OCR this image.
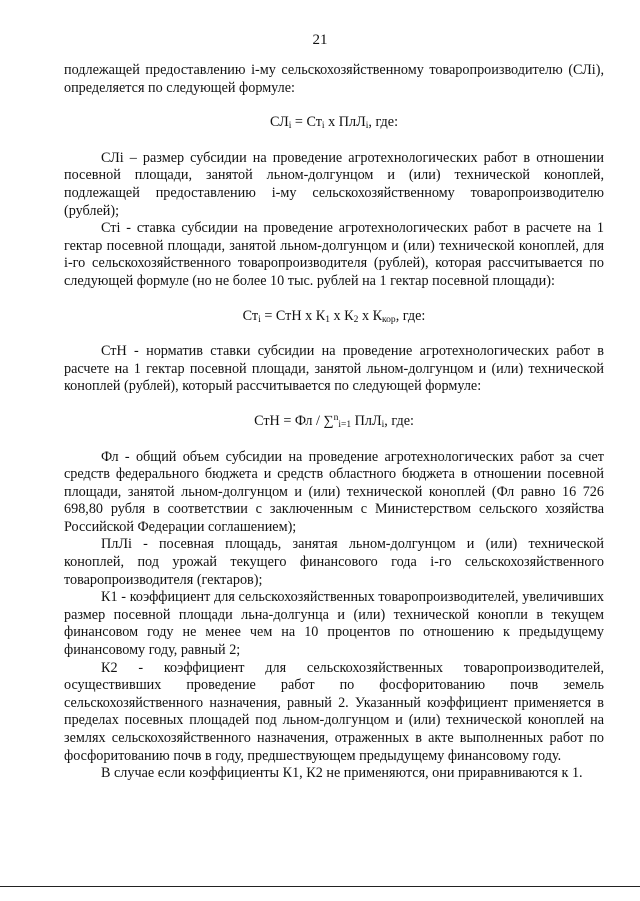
21

подлежащей предоставлению i-му сельскохозяйственному товаропроизводителю (СЛi), определяется по следующей формуле:

$СЛ_i = Ст_i$ х ПлЛ$_i$, где:

СЛi – размер субсидии на проведение агротехнологических работ в отношении посевной площади, занятой льном-долгунцом и (или) технической коноплей, подлежащей предоставлению i-му сельскохозяйственному товаропроизводителю (рублей);

Стi - ставка субсидии на проведение агротехнологических работ в расчете на 1 гектар посевной площади, занятой льном-долгунцом и (или) технической коноплей, для i-го сельскохозяйственного товаропроизводителя (рублей), которая рассчитывается по следующей формуле (но не более 10 тыс. рублей на 1 гектар посевной площади):

$Ст_i$ = СтН х $К_1$ х $К_2$ х $К_{кор}$, где:

СтН - норматив ставки субсидии на проведение агротехнологических работ в расчете на 1 гектар посевной площади, занятой льном-долгунцом и (или) технической коноплей (рублей), который рассчитывается по следующей формуле:

СтН = Фл / ∑$^n_{i=1}$ ПлЛ$_i$, где:

Фл - общий объем субсидии на проведение агротехнологических работ за счет средств федерального бюджета и средств областного бюджета в отношении посевной площади, занятой льном-долгунцом и (или) технической коноплей (Фл равно 16 726 698,80 рубля в соответствии с заключенным с Министерством сельского хозяйства Российской Федерации соглашением);

ПлЛi - посевная площадь, занятая льном-долгунцом и (или) технической коноплей, под урожай текущего финансового года i-го сельскохозяйственного товаропроизводителя (гектаров);

К1 - коэффициент для сельскохозяйственных товаропроизводителей, увеличивших размер посевной площади льна-долгунца и (или) технической конопли в текущем финансовом году не менее чем на 10 процентов по отношению к предыдущему финансовому году, равный 2;

К2 - коэффициент для сельскохозяйственных товаропроизводителей, осуществивших проведение работ по фосфоритованию почв земель сельскохозяйственного назначения, равный 2. Указанный коэффициент применяется в пределах посевных площадей под льном-долгунцом и (или) технической коноплей на землях сельскохозяйственного назначения, отраженных в акте выполненных работ по фосфоритованию почв в году, предшествующем предыдущему финансовому году.

В случае если коэффициенты К1, К2 не применяются, они приравниваются к 1.
